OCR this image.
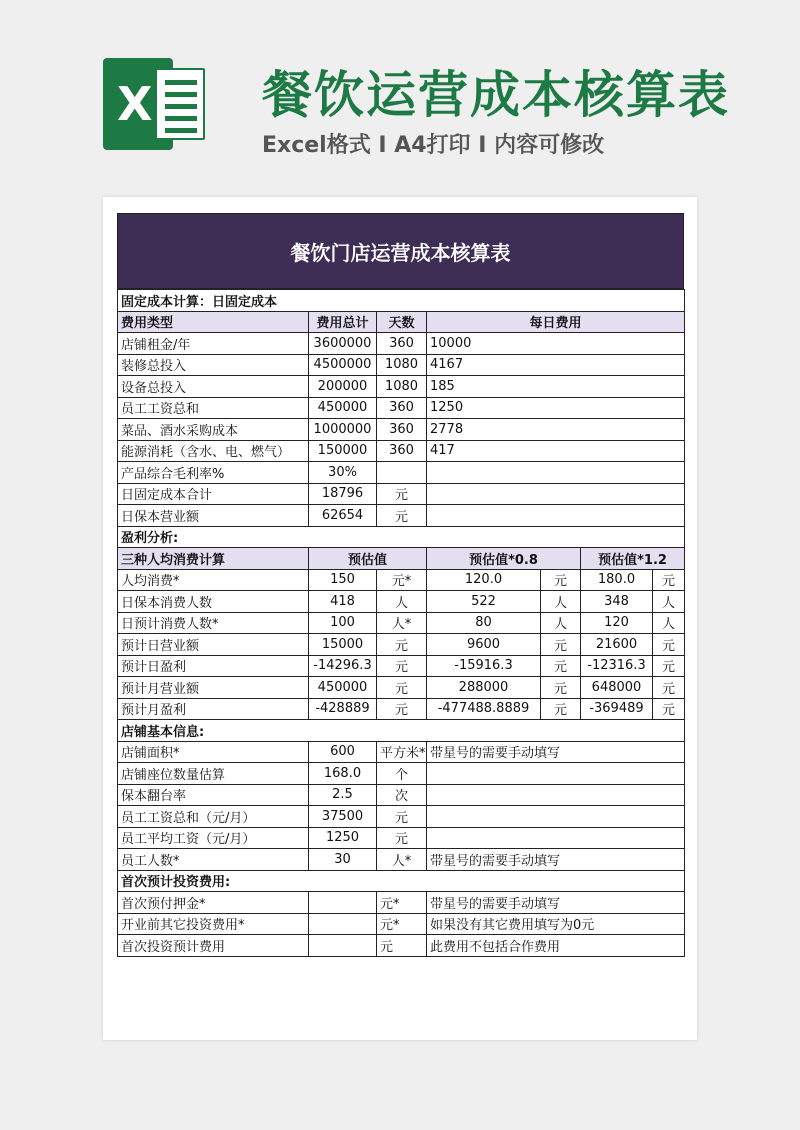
X 餐饮运营成本核算表
Excel格式 I A4打印 I 内容可修改
餐饮门店运营成本核算表
固定成本计算：日固定成本						
费用类型	费用总计	天数	每日费用			
店铺租金/年	3600000	360	10000			
装修总投入	4500000	1080	4167			
设备总投入	200000	1080	185			
员工工资总和	450000	360	1250			
菜品、酒水采购成本	1000000	360	2778			
能源消耗（含水、电、燃气）	150000	360	417			
产品综合毛利率%	30%					
日固定成本合计	18796	元				
日保本营业额	62654	元				
盈利分析:						
三种人均消费计算	预估值		预估值*0.8		预估值*1.2	
人均消费*	150	元*	120.0	元	180.0	元
日保本消费人数	418	人	522	人	348	人
日预计消费人数*	100	人*	80	人	120	人
预计日营业额	15000	元	9600	元	21600	元
预计日盈利	-14296.3	元	-15916.3	元	-12316.3	元
预计月营业额	450000	元	288000	元	648000	元
预计月盈利	-428889	元	-477488.8889	元	-369489	元
店铺基本信息:						
店铺面积*	600	平方米*	带星号的需要手动填写			
店铺座位数量估算	168.0	个				
保本翻台率	2.5	次				
员工工资总和（元/月）	37500	元				
员工平均工资（元/月）	1250	元				
员工人数*	30	人*	带星号的需要手动填写			
首次预计投资费用:						
首次预付押金*		元*	带星号的需要手动填写			
开业前其它投资费用*		元*	如果没有其它费用填写为0元			
首次投资预计费用		元	此费用不包括合作费用			
